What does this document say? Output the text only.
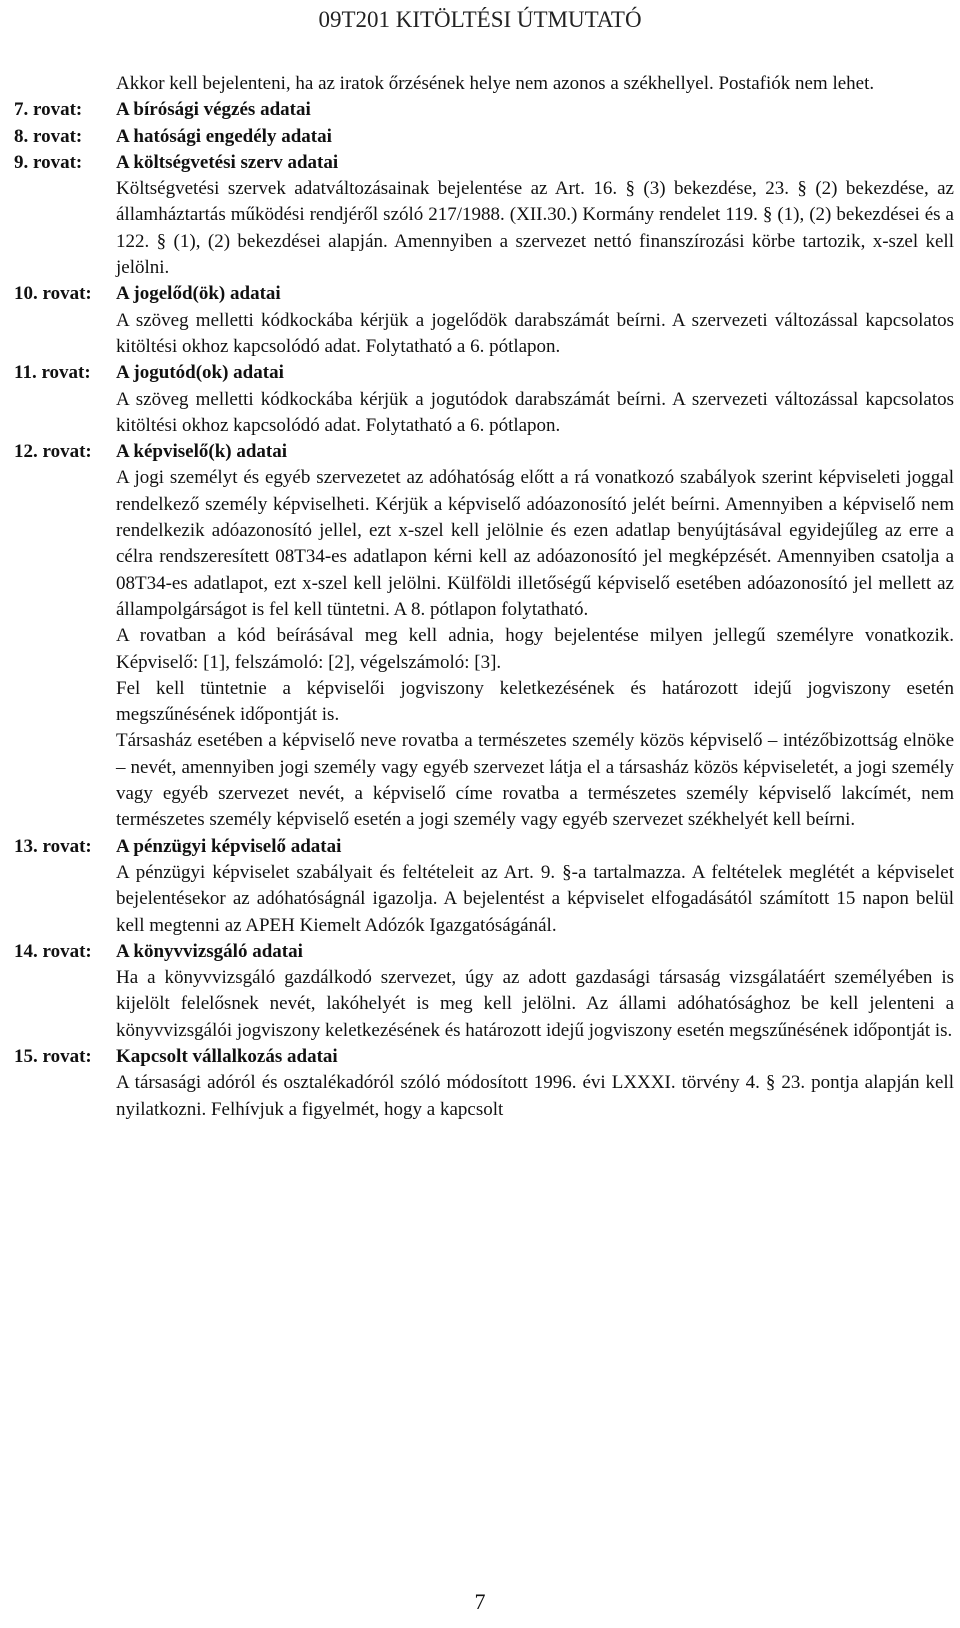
09T201 KITÖLTÉSI ÚTMUTATÓ

Akkor kell bejelenteni, ha az iratok őrzésének helye nem azonos a székhellyel. Postafiók nem lehet.

7. rovat:	A bírósági végzés adatai

8. rovat:	A hatósági engedély adatai

9. rovat:	A költségvetési szerv adatai

Költségvetési szervek adatváltozásainak bejelentése az Art. 16. § (3) bekezdése, 23. § (2) bekezdése, az államháztartás működési rendjéről szóló 217/1988. (XII.30.) Kormány rendelet 119. § (1), (2) bekezdései és a 122. § (1), (2) bekezdései alapján. Amennyiben a szervezet nettó finanszírozási körbe tartozik, x-szel kell jelölni.

10. rovat:	A jogelőd(ök) adatai

A szöveg melletti kódkockába kérjük a jogelődök darabszámát beírni. A szervezeti változással kapcsolatos kitöltési okhoz kapcsolódó adat. Folytatható a 6. pótlapon.

11. rovat:	A jogutód(ok) adatai

A szöveg melletti kódkockába kérjük a jogutódok darabszámát beírni. A szervezeti változással kapcsolatos kitöltési okhoz kapcsolódó adat. Folytatható a 6. pótlapon.

12. rovat:	A képviselő(k) adatai

A jogi személyt és egyéb szervezetet az adóhatóság előtt a rá vonatkozó szabályok szerint képviseleti joggal rendelkező személy képviselheti. Kérjük a képviselő adóazonosító jelét beírni. Amennyiben a képviselő nem rendelkezik adóazonosító jellel, ezt x-szel kell jelölnie és ezen adatlap benyújtásával egyidejűleg az erre a célra rendszeresített 08T34-es adatlapon kérni kell az adóazonosító jel megképzését. Amennyiben csatolja a 08T34-es adatlapot, ezt x-szel kell jelölni. Külföldi illetőségű képviselő esetében adóazonosító jel mellett az állampolgárságot is fel kell tüntetni. A 8. pótlapon folytatható.

A rovatban a kód beírásával meg kell adnia, hogy bejelentése milyen jellegű személyre vonatkozik. Képviselő: [1], felszámoló: [2], végelszámoló: [3].

Fel kell tüntetnie a képviselői jogviszony keletkezésének és határozott idejű jogviszony esetén megszűnésének időpontját is.

Társasház esetében a képviselő neve rovatba a természetes személy közös képviselő – intézőbizottság elnöke – nevét, amennyiben jogi személy vagy egyéb szervezet látja el a társasház közös képviseletét, a jogi személy vagy egyéb szervezet nevét, a képviselő címe rovatba a természetes személy képviselő lakcímét, nem természetes személy képviselő esetén a jogi személy vagy egyéb szervezet székhelyét kell beírni.

13. rovat:	A pénzügyi képviselő adatai

A pénzügyi képviselet szabályait és feltételeit az Art. 9. §-a tartalmazza. A feltételek meglétét a képviselet bejelentésekor az adóhatóságnál igazolja. A bejelentést a képviselet elfogadásától számított 15 napon belül kell megtenni az APEH Kiemelt Adózók Igazgatóságánál.

14. rovat:	A könyvvizsgáló adatai

Ha a könyvvizsgáló gazdálkodó szervezet, úgy az adott gazdasági társaság vizsgálatáért személyében is kijelölt felelősnek nevét, lakóhelyét is meg kell jelölni. Az állami adóhatósághoz be kell jelenteni a könyvvizsgálói jogviszony keletkezésének és határozott idejű jogviszony esetén megszűnésének időpontját is.

15. rovat:	Kapcsolt vállalkozás adatai

A társasági adóról és osztalékadóról szóló módosított 1996. évi LXXXI. törvény 4. § 23. pontja alapján kell nyilatkozni. Felhívjuk a figyelmét, hogy a kapcsolt

7
